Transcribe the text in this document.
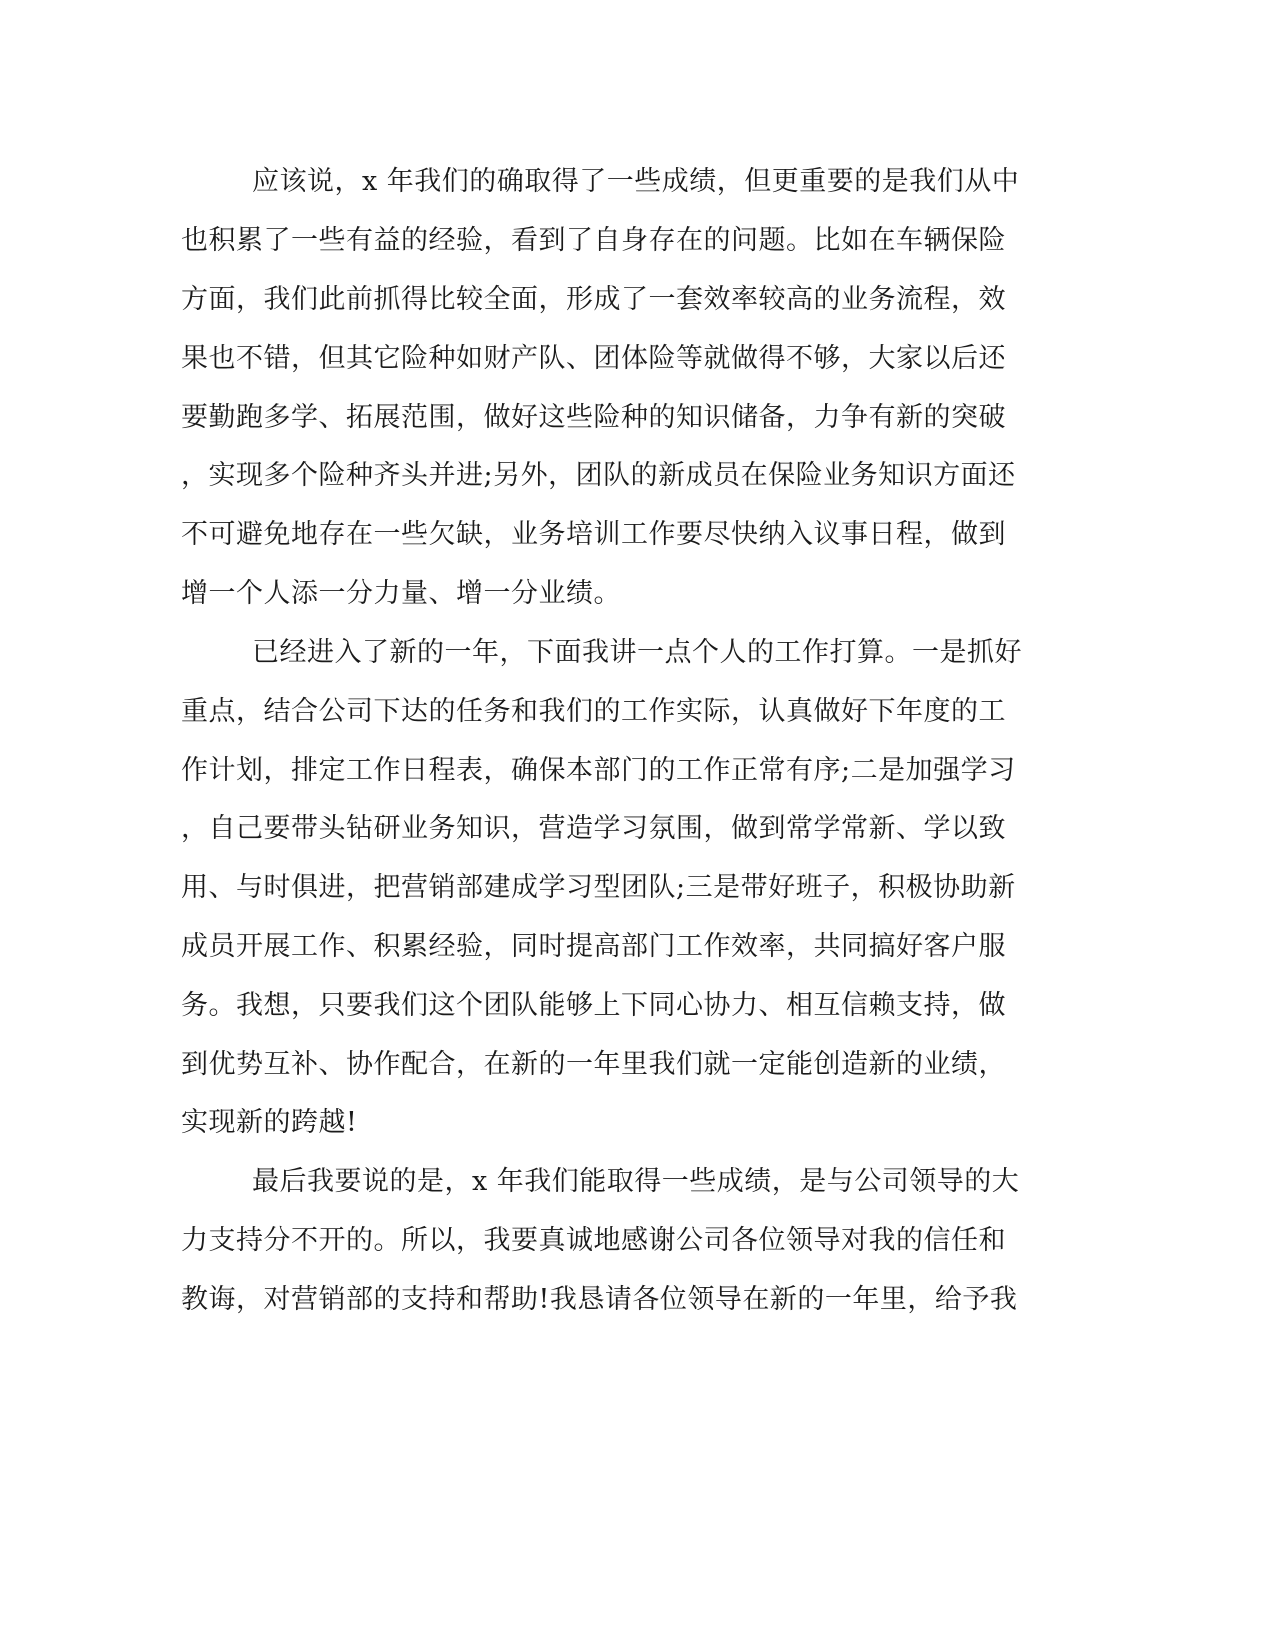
应该说，x 年我们的确取得了一些成绩，但更重要的是我们从中
也积累了一些有益的经验，看到了自身存在的问题。比如在车辆保险
方面，我们此前抓得比较全面，形成了一套效率较高的业务流程，效
果也不错，但其它险种如财产队、团体险等就做得不够，大家以后还
要勤跑多学、拓展范围，做好这些险种的知识储备，力争有新的突破
，实现多个险种齐头并进;另外，团队的新成员在保险业务知识方面还
不可避免地存在一些欠缺，业务培训工作要尽快纳入议事日程，做到
增一个人添一分力量、增一分业绩。
已经进入了新的一年，下面我讲一点个人的工作打算。一是抓好
重点，结合公司下达的任务和我们的工作实际，认真做好下年度的工
作计划，排定工作日程表，确保本部门的工作正常有序;二是加强学习
，自己要带头钻研业务知识，营造学习氛围，做到常学常新、学以致
用、与时俱进，把营销部建成学习型团队;三是带好班子，积极协助新
成员开展工作、积累经验，同时提高部门工作效率，共同搞好客户服
务。我想，只要我们这个团队能够上下同心协力、相互信赖支持，做
到优势互补、协作配合，在新的一年里我们就一定能创造新的业绩，
实现新的跨越!
最后我要说的是，x 年我们能取得一些成绩，是与公司领导的大
力支持分不开的。所以，我要真诚地感谢公司各位领导对我的信任和
教诲，对营销部的支持和帮助!我恳请各位领导在新的一年里，给予我
